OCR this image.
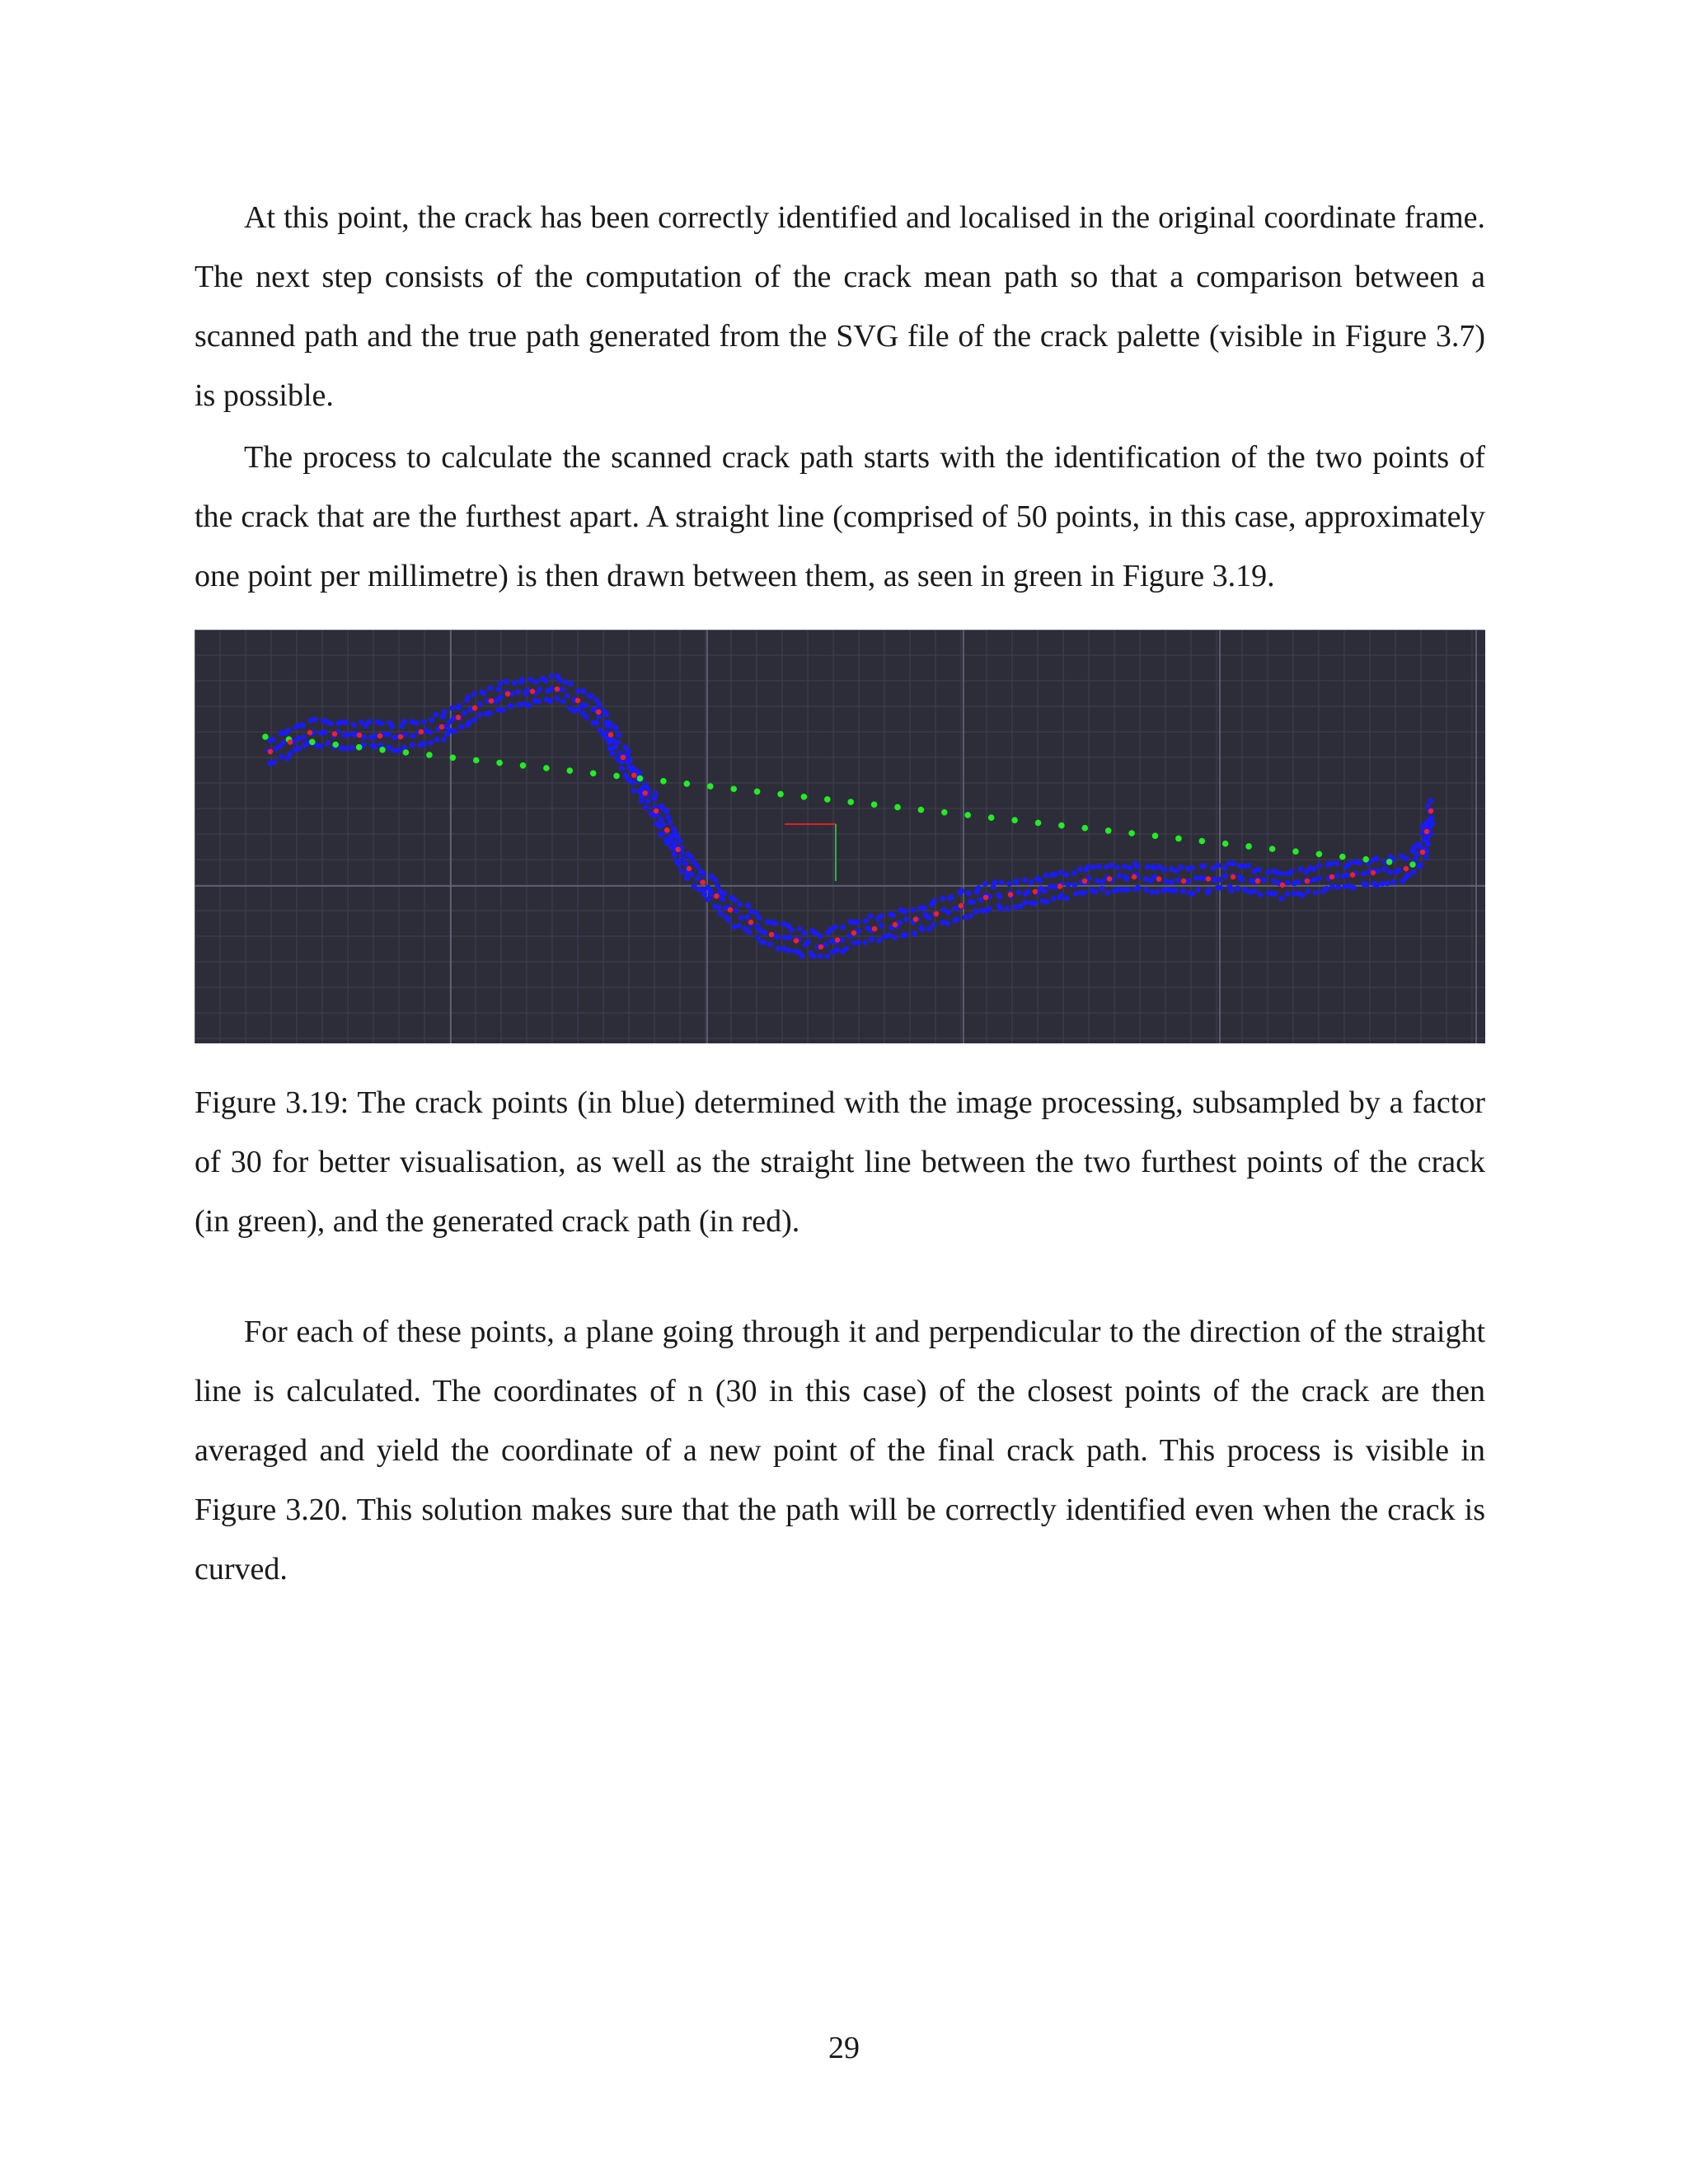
At this point, the crack has been correctly identified and localised in the original coordinate frame. The next step consists of the computation of the crack mean path so that a comparison between a scanned path and the true path generated from the SVG file of the crack palette (visible in Figure 3.7) is possible.

The process to calculate the scanned crack path starts with the identification of the two points of the crack that are the furthest apart. A straight line (comprised of 50 points, in this case, approximately one point per millimetre) is then drawn between them, as seen in green in Figure 3.19.

Figure 3.19: The crack points (in blue) determined with the image processing, subsampled by a factor of 30 for better visualisation, as well as the straight line between the two furthest points of the crack (in green), and the generated crack path (in red).

For each of these points, a plane going through it and perpendicular to the direction of the straight line is calculated. The coordinates of n (30 in this case) of the closest points of the crack are then averaged and yield the coordinate of a new point of the final crack path. This process is visible in Figure 3.20. This solution makes sure that the path will be correctly identified even when the crack is curved.

29
